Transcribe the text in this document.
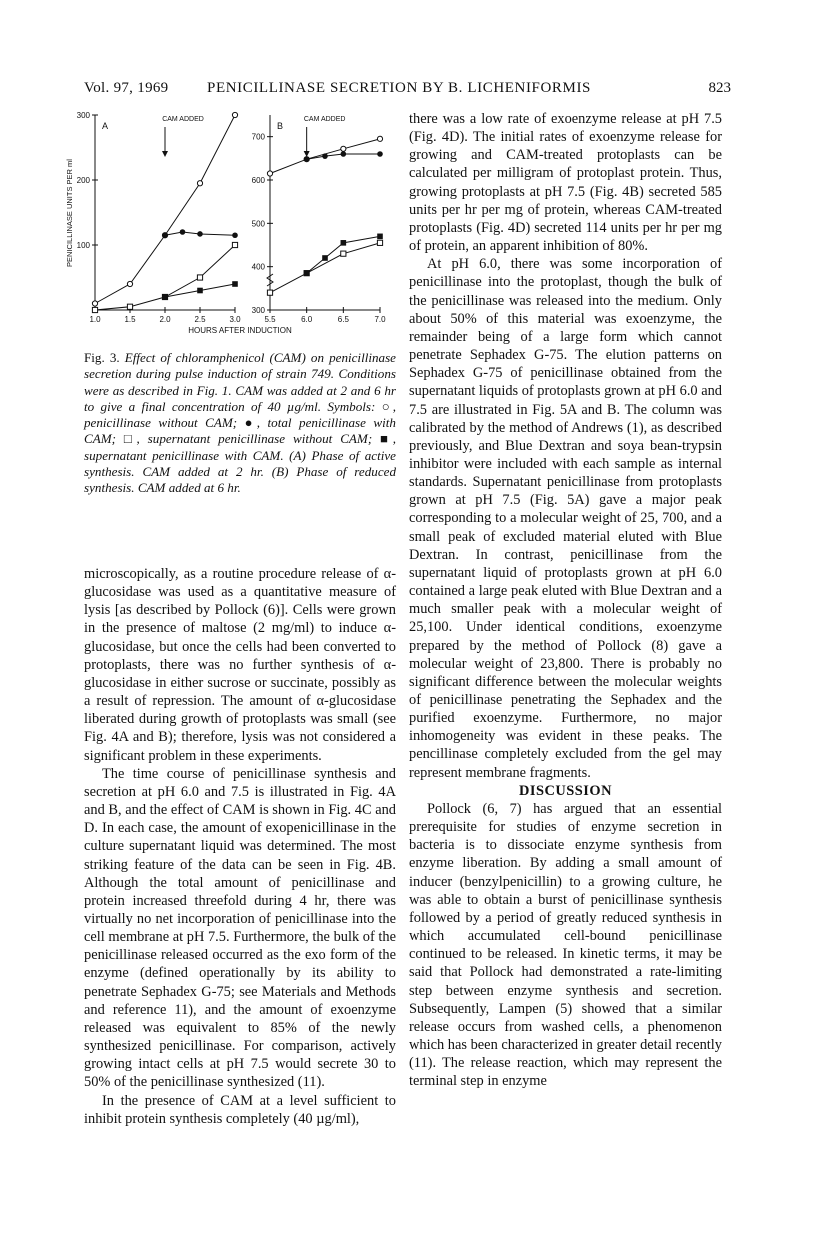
Vol. 97, 1969	PENICILLINASE SECRETION BY B. LICHENIFORMIS	823
PENICILLINASE UNITS PER ml
HOURS AFTER INDUCTION
A
100
200
300
1.0	1.5	2.0	2.5	3.0
CAM ADDED
B
300
400
500
600
700
5.5	6.0	6.5	7.0
CAM ADDED
Fig. 3. Effect of chloramphenicol (CAM) on penicillinase secretion during pulse induction of strain 749. Conditions were as described in Fig. 1. CAM was added at 2 and 6 hr to give a final concentration of 40 µg/ml. Symbols: ○, penicillinase without CAM; ●, total penicillinase with CAM; □, supernatant penicillinase without CAM; ■, supernatant penicillinase with CAM. (A) Phase of active synthesis. CAM added at 2 hr. (B) Phase of reduced synthesis. CAM added at 6 hr.

microscopically, as a routine procedure release of α-glucosidase was used as a quantitative measure of lysis [as described by Pollock (6)]. Cells were grown in the presence of maltose (2 mg/ml) to induce α-glucosidase, but once the cells had been converted to protoplasts, there was no further synthesis of α-glucosidase in either sucrose or succinate, possibly as a result of repression. The amount of α-glucosidase liberated during growth of protoplasts was small (see Fig. 4A and B); therefore, lysis was not considered a significant problem in these experiments.

The time course of penicillinase synthesis and secretion at pH 6.0 and 7.5 is illustrated in Fig. 4A and B, and the effect of CAM is shown in Fig. 4C and D. In each case, the amount of exopenicillinase in the culture supernatant liquid was determined. The most striking feature of the data can be seen in Fig. 4B. Although the total amount of penicillinase and protein increased threefold during 4 hr, there was virtually no net incorporation of penicillinase into the cell membrane at pH 7.5. Furthermore, the bulk of the penicillinase released occurred as the exo form of the enzyme (defined operationally by its ability to penetrate Sephadex G-75; see Materials and Methods and reference 11), and the amount of exoenzyme released was equivalent to 85% of the newly synthesized penicillinase. For comparison, actively growing intact cells at pH 7.5 would secrete 30 to 50% of the penicillinase synthesized (11).

In the presence of CAM at a level sufficient to inhibit protein synthesis completely (40 µg/ml),

there was a low rate of exoenzyme release at pH 7.5 (Fig. 4D). The initial rates of exoenzyme release for growing and CAM-treated protoplasts can be calculated per milligram of protoplast protein. Thus, growing protoplasts at pH 7.5 (Fig. 4B) secreted 585 units per hr per mg of protein, whereas CAM-treated protoplasts (Fig. 4D) secreted 114 units per hr per mg of protein, an apparent inhibition of 80%.

At pH 6.0, there was some incorporation of penicillinase into the protoplast, though the bulk of the penicillinase was released into the medium. Only about 50% of this material was exoenzyme, the remainder being of a large form which cannot penetrate Sephadex G-75. The elution patterns on Sephadex G-75 of penicillinase obtained from the supernatant liquids of protoplasts grown at pH 6.0 and 7.5 are illustrated in Fig. 5A and B. The column was calibrated by the method of Andrews (1), as described previously, and Blue Dextran and soya bean-trypsin inhibitor were included with each sample as internal standards. Supernatant penicillinase from protoplasts grown at pH 7.5 (Fig. 5A) gave a major peak corresponding to a molecular weight of 25, 700, and a small peak of excluded material eluted with Blue Dextran. In contrast, penicillinase from the supernatant liquid of protoplasts grown at pH 6.0 contained a large peak eluted with Blue Dextran and a much smaller peak with a molecular weight of 25,100. Under identical conditions, exoenzyme prepared by the method of Pollock (8) gave a molecular weight of 23,800. There is probably no significant difference between the molecular weights of penicillinase penetrating the Sephadex and the purified exoenzyme. Furthermore, no major inhomogeneity was evident in these peaks. The pencillinase completely excluded from the gel may represent membrane fragments.

DISCUSSION

Pollock (6, 7) has argued that an essential prerequisite for studies of enzyme secretion in bacteria is to dissociate enzyme synthesis from enzyme liberation. By adding a small amount of inducer (benzylpenicillin) to a growing culture, he was able to obtain a burst of penicillinase synthesis followed by a period of greatly reduced synthesis in which accumulated cell-bound penicillinase continued to be released. In kinetic terms, it may be said that Pollock had demonstrated a rate-limiting step between enzyme synthesis and secretion. Subsequently, Lampen (5) showed that a similar release occurs from washed cells, a phenomenon which has been characterized in greater detail recently (11). The release reaction, which may represent the terminal step in enzyme
